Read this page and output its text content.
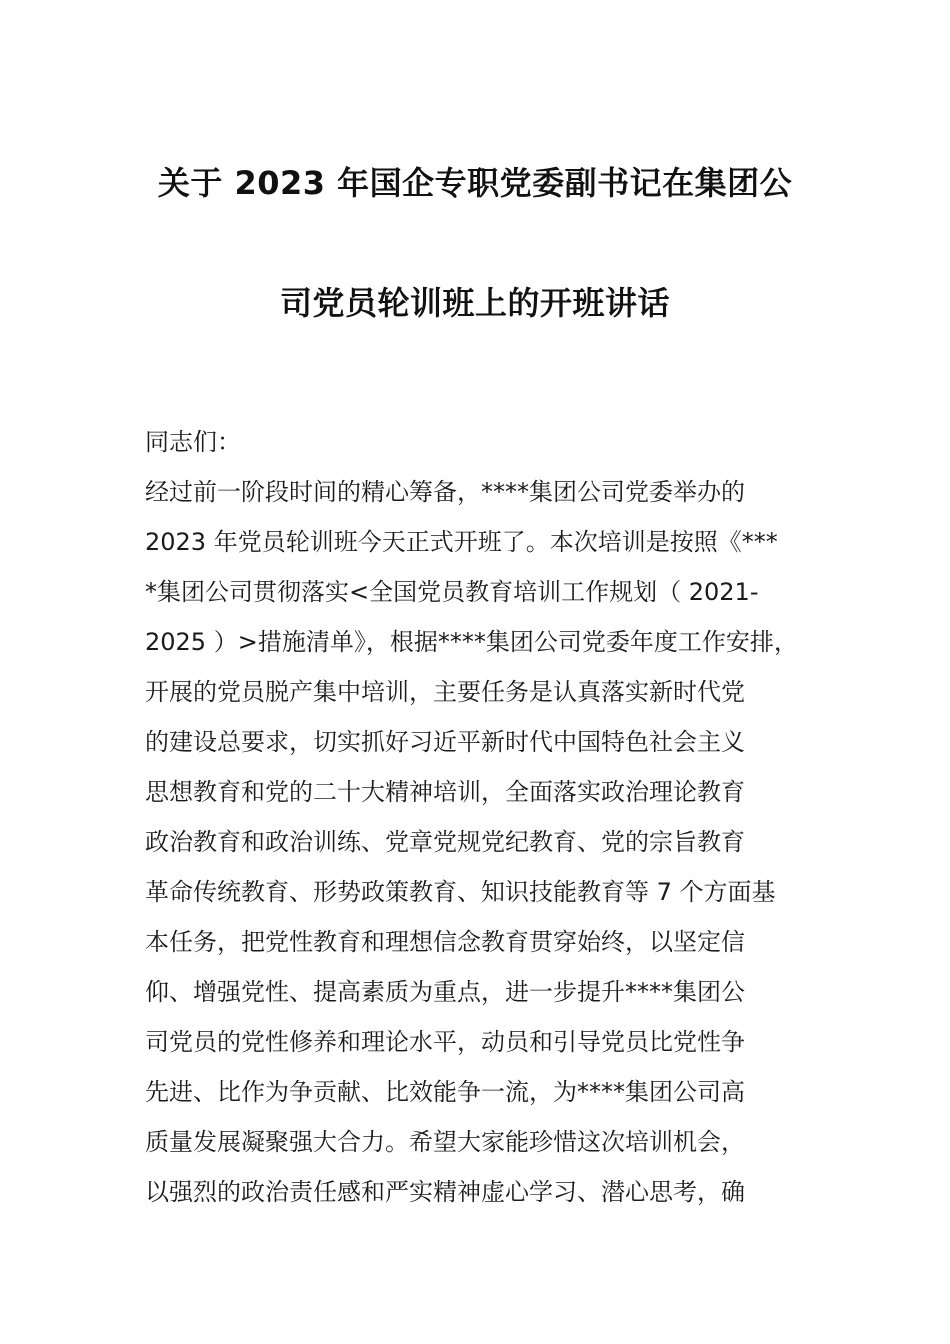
关于 2023 年国企专职党委副书记在集团公
司党员轮训班上的开班讲话
同志们：
经过前一阶段时间的精心筹备，****集团公司党委举办的
2023 年党员轮训班今天正式开班了。本次培训是按照《***
*集团公司贯彻落实<全国党员教育培训工作规划（ 2021-
2025 ）>措施清单》，根据****集团公司党委年度工作安排，
开展的党员脱产集中培训，主要任务是认真落实新时代党
的建设总要求，切实抓好习近平新时代中国特色社会主义
思想教育和党的二十大精神培训，全面落实政治理论教育
政治教育和政治训练、党章党规党纪教育、党的宗旨教育
革命传统教育、形势政策教育、知识技能教育等 7 个方面基
本任务，把党性教育和理想信念教育贯穿始终，以坚定信
仰、增强党性、提高素质为重点，进一步提升****集团公
司党员的党性修养和理论水平，动员和引导党员比党性争
先进、比作为争贡献、比效能争一流，为****集团公司高
质量发展凝聚强大合力。希望大家能珍惜这次培训机会，
以强烈的政治责任感和严实精神虚心学习、潜心思考，确
